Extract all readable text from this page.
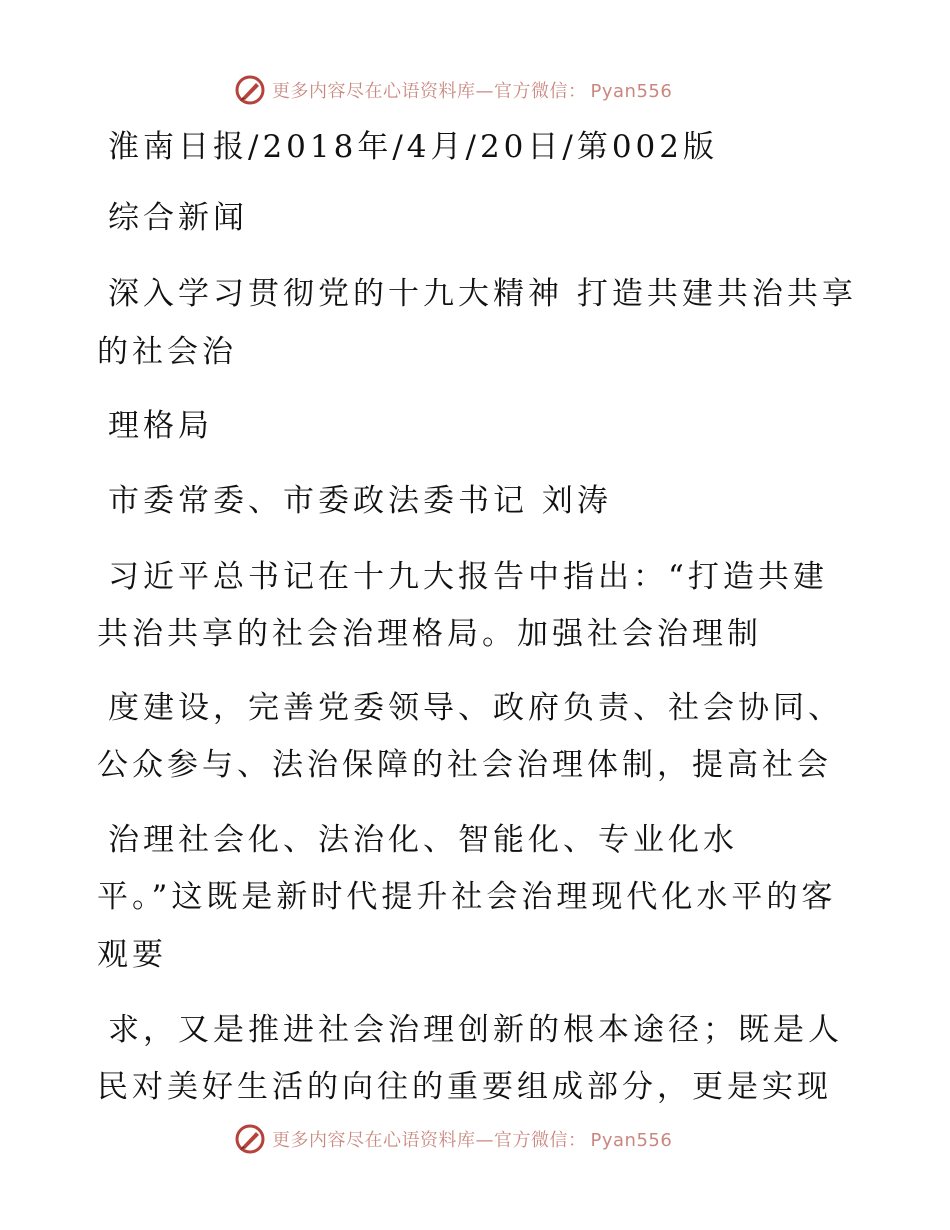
更多内容尽在心语资料库—官方微信： Pyan556

淮南日报/2018年/4月/20日/第002版

综合新闻

深入学习贯彻党的十九大精神 打造共建共治共享

的社会治

理格局

市委常委、市委政法委书记 刘涛

习近平总书记在十九大报告中指出：“打造共建

共治共享的社会治理格局。加强社会治理制

度建设，完善党委领导、政府负责、社会协同、

公众参与、法治保障的社会治理体制，提高社会

治理社会化、法治化、智能化、专业化水

平。”这既是新时代提升社会治理现代化水平的客

观要

求，又是推进社会治理创新的根本途径；既是人

民对美好生活的向往的重要组成部分，更是实现

更多内容尽在心语资料库—官方微信： Pyan556
